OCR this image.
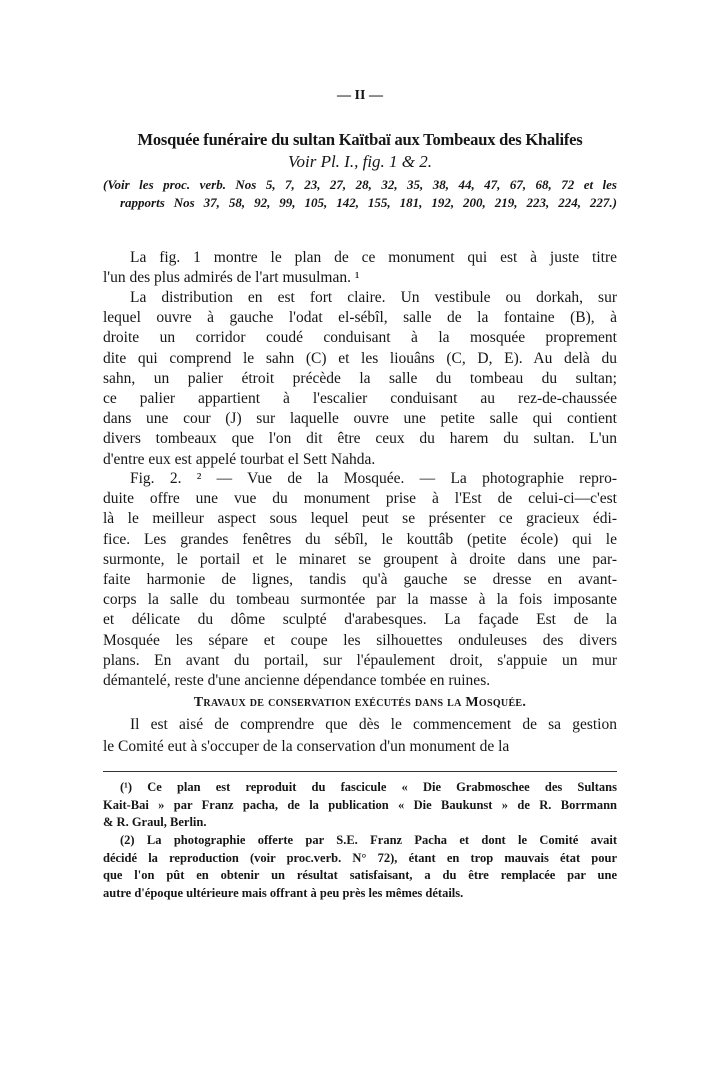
— II —
Mosquée funéraire du sultan Kaïtbaï aux Tombeaux des Khalifes
Voir Pl. I., fig. 1 & 2.
(Voir les proc. verb. Nos 5, 7, 23, 27, 28, 32, 35, 38, 44, 47, 67, 68, 72 et les
rapports Nos 37, 58, 92, 99, 105, 142, 155, 181, 192, 200, 219, 223, 224, 227.)
La fig. 1 montre le plan de ce monument qui est à juste titre
l'un des plus admirés de l'art musulman. ¹
La distribution en est fort claire. Un vestibule ou dorkah, sur
lequel ouvre à gauche l'odat el-sébîl, salle de la fontaine (B), à
droite un corridor coudé conduisant à la mosquée proprement
dite qui comprend le sahn (C) et les liouâns (C, D, E). Au delà du
sahn, un palier étroit précède la salle du tombeau du sultan;
ce palier appartient à l'escalier conduisant au rez-de-chaussée
dans une cour (J) sur laquelle ouvre une petite salle qui contient
divers tombeaux que l'on dit être ceux du harem du sultan. L'un
d'entre eux est appelé tourbat el Sett Nahda.
Fig. 2. ² — Vue de la Mosquée. — La photographie repro-
duite offre une vue du monument prise à l'Est de celui-ci—c'est
là le meilleur aspect sous lequel peut se présenter ce gracieux édi-
fice. Les grandes fenêtres du sébîl, le kouttâb (petite école) qui le
surmonte, le portail et le minaret se groupent à droite dans une par-
faite harmonie de lignes, tandis qu'à gauche se dresse en avant-
corps la salle du tombeau surmontée par la masse à la fois imposante
et délicate du dôme sculpté d'arabesques. La façade Est de la
Mosquée les sépare et coupe les silhouettes onduleuses des divers
plans. En avant du portail, sur l'épaulement droit, s'appuie un mur
démantelé, reste d'une ancienne dépendance tombée en ruines.
Il est aisé de comprendre que dès le commencement de sa gestion
le Comité eut à s'occuper de la conservation d'un monument de la
Travaux de conservation exécutés dans la Mosquée.
(¹) Ce plan est reproduit du fascicule « Die Grabmoschee des Sultans
Kait-Bai » par Franz pacha, de la publication « Die Baukunst » de R. Borrmann
& R. Graul, Berlin.
(2) La photographie offerte par S.E. Franz Pacha et dont le Comité avait
décidé la reproduction (voir proc.verb. N° 72), étant en trop mauvais état pour
que l'on pût en obtenir un résultat satisfaisant, a du être remplacée par une
autre d'époque ultérieure mais offrant à peu près les mêmes détails.
